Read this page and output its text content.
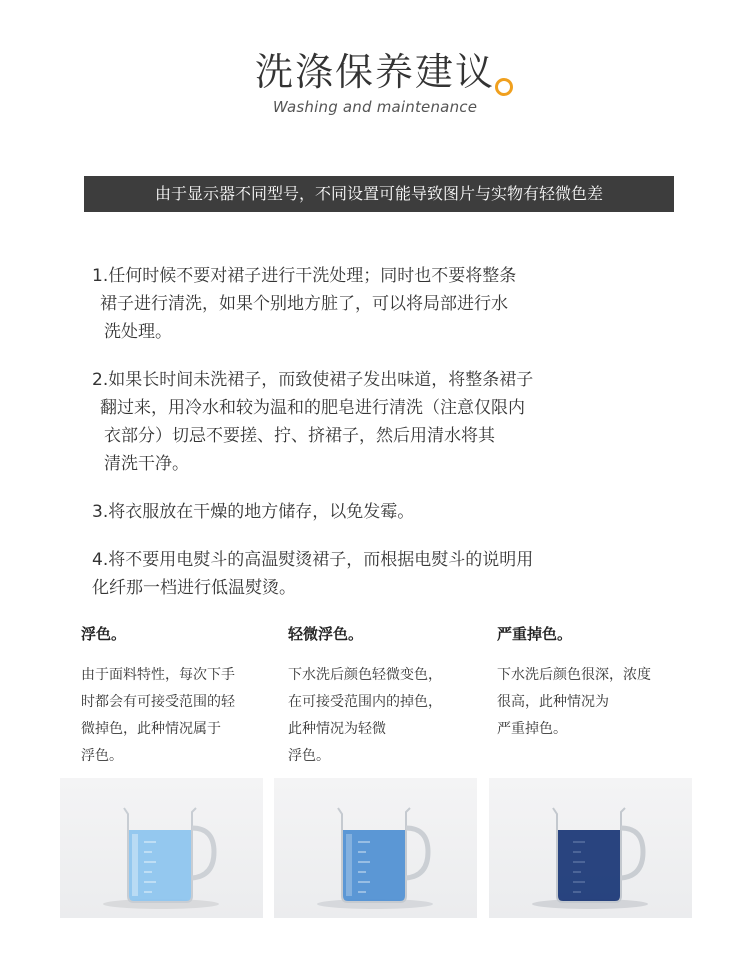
洗涤保养建议
Washing and maintenance
由于显示器不同型号，不同设置可能导致图片与实物有轻微色差
1.任何时候不要对裙子进行干洗处理；同时也不要将整条
裙子进行清洗，如果个别地方脏了，可以将局部进行水
洗处理。
2.如果长时间未洗裙子，而致使裙子发出味道，将整条裙子
翻过来，用冷水和较为温和的肥皂进行清洗（注意仅限内
衣部分）切忌不要搓、拧、挤裙子，然后用清水将其
清洗干净。
3.将衣服放在干燥的地方储存，以免发霉。
4.将不要用电熨斗的高温熨烫裙子，而根据电熨斗的说明用
化纤那一档进行低温熨烫。
浮色。
由于面料特性，每次下手
时都会有可接受范围的轻
微掉色，此种情况属于
浮色。
轻微浮色。
下水洗后颜色轻微变色，
在可接受范围内的掉色，
此种情况为轻微
浮色。
严重掉色。
下水洗后颜色很深，浓度
很高，此种情况为
严重掉色。
